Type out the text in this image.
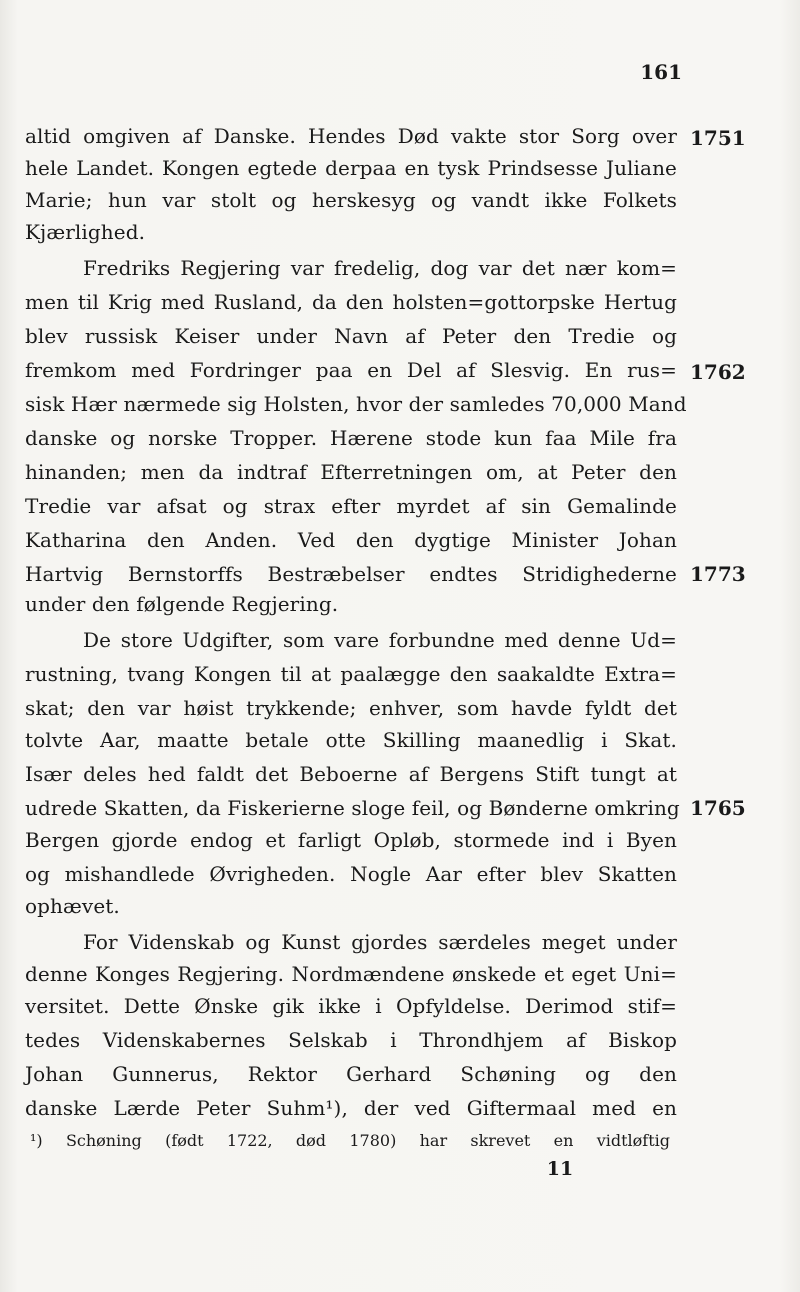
161
altid omgiven af Danske. Hendes Død vakte stor Sorg over
hele Landet. Kongen egtede derpaa en tysk Prindsesse Juliane
Marie; hun var stolt og herskesyg og vandt ikke Folkets
Kjærlighed.
Fredriks Regjering var fredelig, dog var det nær kom=
men til Krig med Rusland, da den holsten=gottorpske Hertug
blev russisk Keiser under Navn af Peter den Tredie og
fremkom med Fordringer paa en Del af Slesvig. En rus=
sisk Hær nærmede sig Holsten, hvor der samledes 70,000 Mand
danske og norske Tropper. Hærene stode kun faa Mile fra
hinanden; men da indtraf Efterretningen om, at Peter den
Tredie var afsat og strax efter myrdet af sin Gemalinde
Katharina den Anden. Ved den dygtige Minister Johan
Hartvig Bernstorffs Bestræbelser endtes Stridighederne
under den følgende Regjering.
De store Udgifter, som vare forbundne med denne Ud=
rustning, tvang Kongen til at paalægge den saakaldte Extra=
skat; den var høist trykkende; enhver, som havde fyldt det
tolvte Aar, maatte betale otte Skilling maanedlig i Skat.
Især deles hed faldt det Beboerne af Bergens Stift tungt at
udrede Skatten, da Fiskerierne sloge feil, og Bønderne omkring
Bergen gjorde endog et farligt Opløb, stormede ind i Byen
og mishandlede Øvrigheden. Nogle Aar efter blev Skatten
ophævet.
For Videnskab og Kunst gjordes særdeles meget under
denne Konges Regjering. Nordmændene ønskede et eget Uni=
versitet. Dette Ønske gik ikke i Opfyldelse. Derimod stif=
tedes Videnskabernes Selskab i Throndhjem af Biskop
Johan Gunnerus, Rektor Gerhard Schøning og den
danske Lærde Peter Suhm¹), der ved Giftermaal med en
1751
1762
1773
1765
¹) Schøning (født 1722, død 1780) har skrevet en vidtløftig
11
